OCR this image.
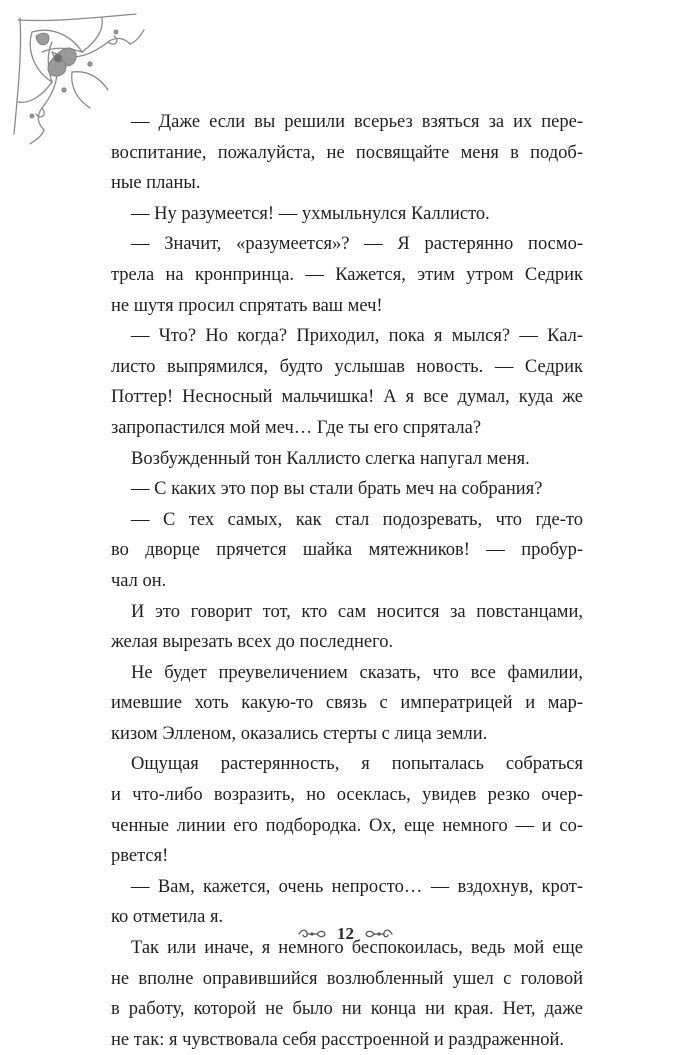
— Даже если вы решили всерьез взяться за их пере-
воспитание, пожалуйста, не посвящайте меня в подоб-
ные планы.

— Ну разумеется! — ухмыльнулся Каллисто.

— Значит, «разумеется»? — Я растерянно посмо-
трела на кронпринца. — Кажется, этим утром Седрик
не шутя просил спрятать ваш меч!

— Что? Но когда? Приходил, пока я мылся? — Кал-
листо выпрямился, будто услышав новость. — Седрик
Поттер! Несносный мальчишка! А я все думал, куда же
запропастился мой меч… Где ты его спрятала?

Возбужденный тон Каллисто слегка напугал меня.

— С каких это пор вы стали брать меч на собрания?

— С тех самых, как стал подозревать, что где-то
во дворце прячется шайка мятежников! — пробур-
чал он.

И это говорит тот, кто сам носится за повстанцами,
желая вырезать всех до последнего.

Не будет преувеличением сказать, что все фамилии,
имевшие хоть какую-то связь с императрицей и мар-
кизом Элленом, оказались стерты с лица земли.

Ощущая растерянность, я попыталась собраться
и что-либо возразить, но осеклась, увидев резко очер-
ченные линии его подбородка. Ох, еще немного — и со-
рвется!

— Вам, кажется, очень непросто… — вздохнув, крот-
ко отметила я.

Так или иначе, я немного беспокоилась, ведь мой еще
не вполне оправившийся возлюбленный ушел с головой
в работу, которой не было ни конца ни края. Нет, даже
не так: я чувствовала себя расстроенной и раздраженной.

12
